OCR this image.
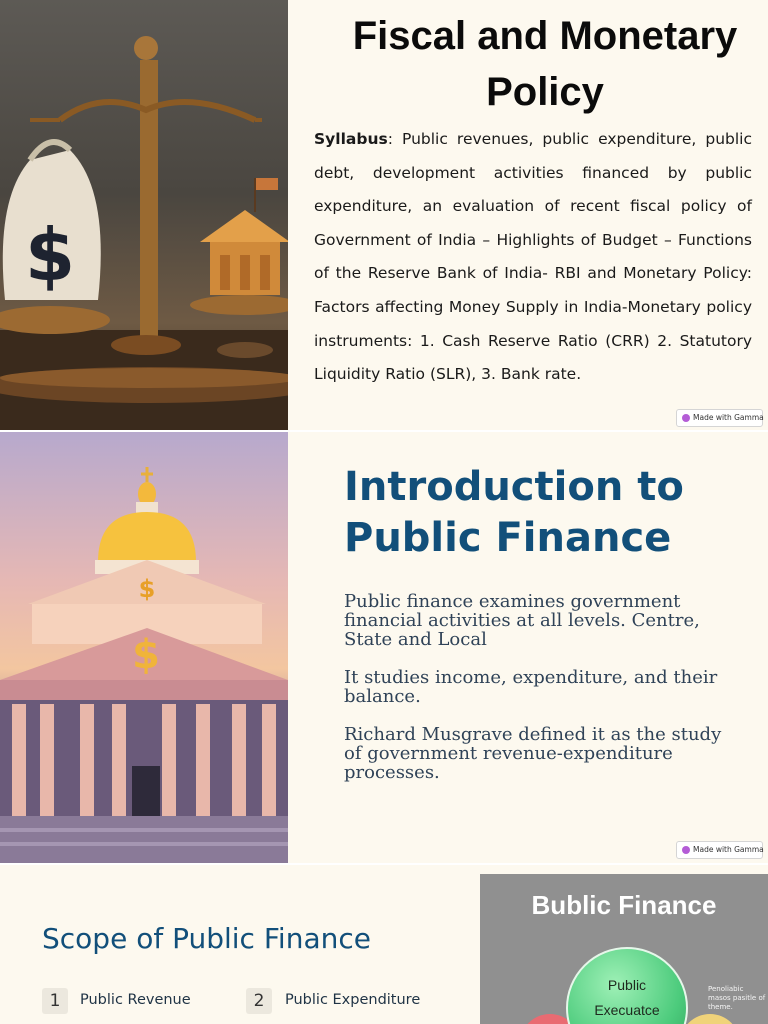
$
Fiscal and Monetary Policy
Syllabus: Public revenues, public expenditure, public debt, development activities financed by public expenditure, an evaluation of recent fiscal policy of Government of India – Highlights of Budget – Functions of the Reserve Bank of India- RBI and Monetary Policy: Factors affecting Money Supply in India-Monetary policy instruments: 1. Cash Reserve Ratio (CRR) 2. Statutory Liquidity Ratio (SLR), 3. Bank rate.
Made with Gamma
$
$
Introduction to Public Finance
Public finance examines government financial activities at all levels. Centre, State and Local
It studies income, expenditure, and their balance.
Richard Musgrave defined it as the study of government revenue-expenditure processes.
Made with Gamma
Scope of Public Finance
1	Public Revenue	2	Public Expenditure
Bublic Finance
Public
Execuatce
Penoliabic masos pasitle of theme.
